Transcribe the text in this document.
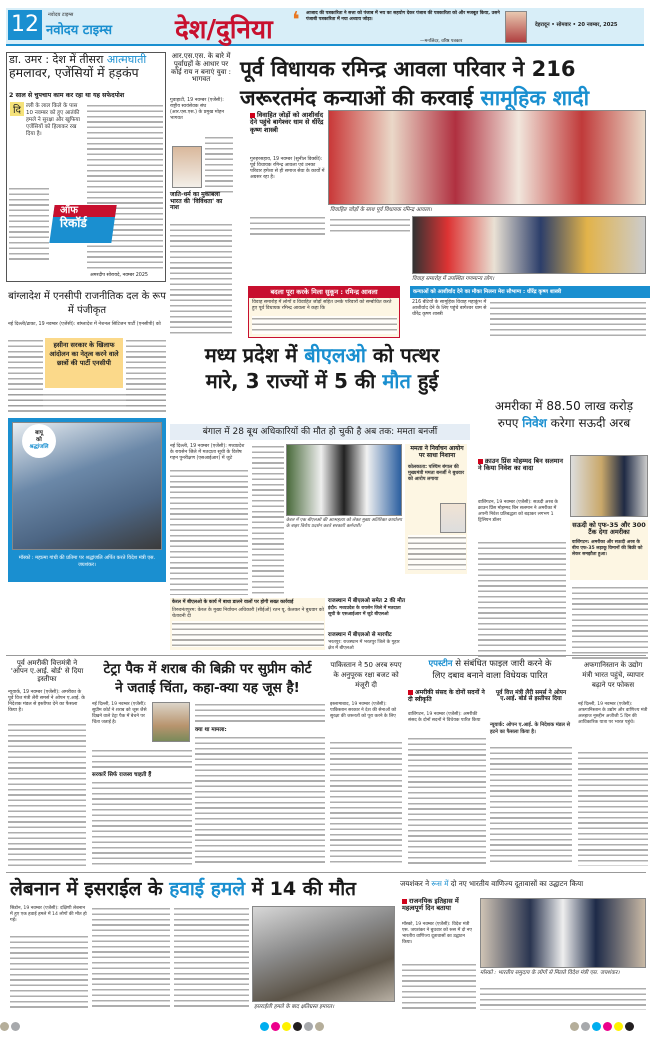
12	नवोदय टाइम्स
नवोदय टाइम्स देश/दुनिया ❛ आजाद की पत्रकारिता ने सत्ता को पंजाब में भय का सहयोग देकर पंजाब की पत्रकारिता को और मजबूत किया, उसने पंजाबी पत्रकारिता में नया अध्याय जोड़ा।
—मनजिंदर, वरिष्ठ पत्रकार
देहरादून • सोमवार • 20 नवम्बर, 2025
डा. उमर : देश में तीसरा आत्मघाती
हमलावर, एजेंसियों में हड़कंप
2 साल से चुपचाप काम कर रहा था यह सफेदपोश
दि ल्ली के लाल किले के पास 10 नवम्बर को हुए आतंकी हमले ने सुरक्षा और खुफिया एजेंसियों को हिलाकर रख दिया है।
ऑफ
रिकॉर्ड
अमरदीप सोरायदे, नवम्बर 2025
आर.एस.एस. के बारे में पूर्वाग्रहों के आधार पर कोई राय न बनाएं युवा : भागवत
गुवाहाटी, 19 नवम्बर (एजेंसी): राष्ट्रीय स्वयंसेवक संघ (आर.एस.एस.) के प्रमुख मोहन भागवत
जाति-धर्म का मुकाबला भारत की 'विविधता' का नाश
पूर्व विधायक रमिन्द्र आवला परिवार ने 216
जरूरतमंद कन्याओं की करवाई सामूहिक शादी
विवाहित जोड़ों को आशीर्वाद देने पहुंचे बागेश्वर धाम से धीरेंद्र कृष्ण शास्त्री
गुरुहरसहाय, 19 नवम्बर (सुनील विक्की): पूर्व विधायक रमिन्द्र आवला एवं उनका परिवार हमेशा से ही समाज सेवा के कार्यों में अग्रसर रहा है।
विवाहित जोड़ों के साथ पूर्व विधायक रमिन्द्र आवला।
विवाह समारोह में उपस्थित गणमान्य लोग।
बदला पूरा करके मिला सुकून : रमिन्द्र आवला
विवाह समारोह में लोगों व विवाहित जोड़ों सहित उनके परिवारों को सम्बोधित करते हुए पूर्व विधायक रमिन्द्र आवला ने कहा कि
कन्याओं को आशीर्वाद देने का मौका मिलना मेरा सौभाग्य : धीरेंद्र कृष्ण शास्त्री
216 बेटियों के सामूहिक विवाह महाकुंभ में आशीर्वाद देने के लिए पहुंचे बागेश्वर धाम से धीरेंद्र कृष्ण शास्त्री
मध्य प्रदेश में बीएलओ को पत्थर
मारे, 3 राज्यों में 5 की मौत हुई
बंगाल में 28 बूथ अधिकारियों की मौत हो चुकी है अब तक: ममता बनर्जी
नई दिल्ली, 19 नवम्बर (एजेंसी): मध्यप्रदेश के रायसेन जिले में मतदाता सूची के विशेष गहन पुनरीक्षण (एसआईआर) में जुटे
केरल में एक बीएलओ की आत्महत्या को लेकर मुख्य अतिरिक्त कार्यालय के बाहर विरोध प्रदर्शन करते सरकारी कर्मचारी।
ममता ने निर्वाचन आयोग पर साधा निशाना
कोलकाता: पश्चिम बंगाल की मुख्यमंत्री ममता बनर्जी ने बुधवार को आरोप लगाया
केरल में बीएलओ के कार्य में बाधा डालने वालों पर होगी सख्त कार्रवाई
तिरुवनंतपुरम: केरल के मुख्य निर्वाचन अधिकारी (सीईओ) रतन यू. केलकर ने बुधवार को चेतावनी दी
राजस्थान में बीएलओ समेत 2 की मौत
इंदौर: मध्यप्रदेश के रायसेन जिले में मतदाता सूची के एसआईआर में जुटे बीएलओ
राजस्थान में बीएलओ से मारपीट
भरतपुर: राजस्थान में भरतपुर जिले के गुहार क्षेत्र में बीएलओ
अमरीका में 88.50 लाख करोड़
रुपए निवेश करेगा सऊदी अरब
क्राउन प्रिंस मोहम्मद बिन सलमान ने किया निवेश का वादा
वाशिंगटन, 19 नवम्बर (एजेंसी): सऊदी अरब के क्राउन प्रिंस मोहम्मद बिन सलमान ने अमरीका में अपनी निवेश प्रतिबद्धता को बढ़ाकर लगभग 1 ट्रिलियन डॉलर
सऊदी को एफ-35 और 300 टैंक देगा अमरीका
वाशिंगटन: अमरीका और सऊदी अरब के बीच एफ-35 लड़ाकू विमानों की बिक्री को लेकर समझौता हुआ।
बांग्लादेश में एनसीपी राजनीतिक दल के रूप में पंजीकृत
नई दिल्ली/ढाका, 19 नवम्बर (एजेंसी): बांग्लादेश में नेशनल सिटिजन पार्टी (एनसीपी) को
हसीना सरकार के खिलाफ आंदोलन का नेतृत्व करने वाले छात्रों की पार्टी एनसीपी
बापू
को
श्रद्धांजलि
मॉस्को : महात्मा गांधी की प्रतिमा पर श्रद्धांजलि अर्पित करते विदेश मंत्री एस. जयशंकर।
पूर्व अमरीकी वित्तमंत्री ने 'ओपन ए.आई. बोर्ड' से दिया इस्तीफा
न्यूयार्क, 19 नवम्बर (एजेंसी): अमरीका के पूर्व वित्त मंत्री लैरी समर्स ने ओपन ए.आई. के निदेशक मंडल से इस्तीफा देने का फैसला किया है।
टेट्रा पैक में शराब की बिक्री पर सुप्रीम कोर्ट
ने जताई चिंता, कहा-क्या यह जूस है!
नई दिल्ली, 19 नवम्बर (एजेंसी): सुप्रीम कोर्ट ने शराब को जूस जैसे दिखने वाले टेट्रा पैक में बेचने पर चिंता जताई है।
सरकारें सिर्फ राजस्व चाहती हैं
क्या था मामला:
पाकिस्तान ने 50 अरब रुपए के अनुपूरक रक्षा बजट को मंजूरी दी
इस्लामाबाद, 19 नवम्बर (एजेंसी): पाकिस्तान सरकार ने देश की सेनाओं को सुरक्षा की जरूरतों को पूरा करने के लिए
एपस्टीन से संबंधित फाइल जारी करने के
लिए दबाव बनाने वाला विधेयक पारित
अमरीकी संसद के दोनों सदनों ने दी स्वीकृति
वाशिंगटन, 19 नवम्बर (एजेंसी): अमरीकी संसद के दोनों सदनों ने विधेयक पारित किया
पूर्व वित्त मंत्री लैरी समर्स ने ओपन ए.आई. बोर्ड से इस्तीफा दिया
न्यूयार्क: ओपन ए.आई. के निदेशक मंडल से हटने का फैसला किया है।
अफगानिस्तान के उद्योग मंत्री भारत पहुंचे, व्यापार बढ़ाने पर फोकस
नई दिल्ली, 19 नवम्बर (एजेंसी): अफगानिस्तान के उद्योग और वाणिज्य मंत्री अलहाज नूरुद्दीन अजीजी 5 दिन की आधिकारिक यात्रा पर भारत पहुंचे।
लेबनान में इसराईल के हवाई हमले में 14 की मौत
सिडोन, 19 नवम्बर (एजेंसी): दक्षिणी लेबनान में हुए एक हवाई हमले में 14 लोगों की मौत हो गई।
इसराईली हमले के बाद क्षतिग्रस्त इमारत।
जयशंकर ने रूस में दो नए भारतीय वाणिज्य दूतावासों का उद्घाटन किया
राजनयिक इतिहास में महत्वपूर्ण दिन बताया
मॉस्को, 19 नवम्बर (एजेंसी): विदेश मंत्री एस. जयशंकर ने बुधवार को रूस में दो नए भारतीय वाणिज्य दूतावासों का उद्घाटन किया।
मॉस्को : भारतीय समुदाय के लोगों से मिलते विदेश मंत्री एस. जयशंकर।
